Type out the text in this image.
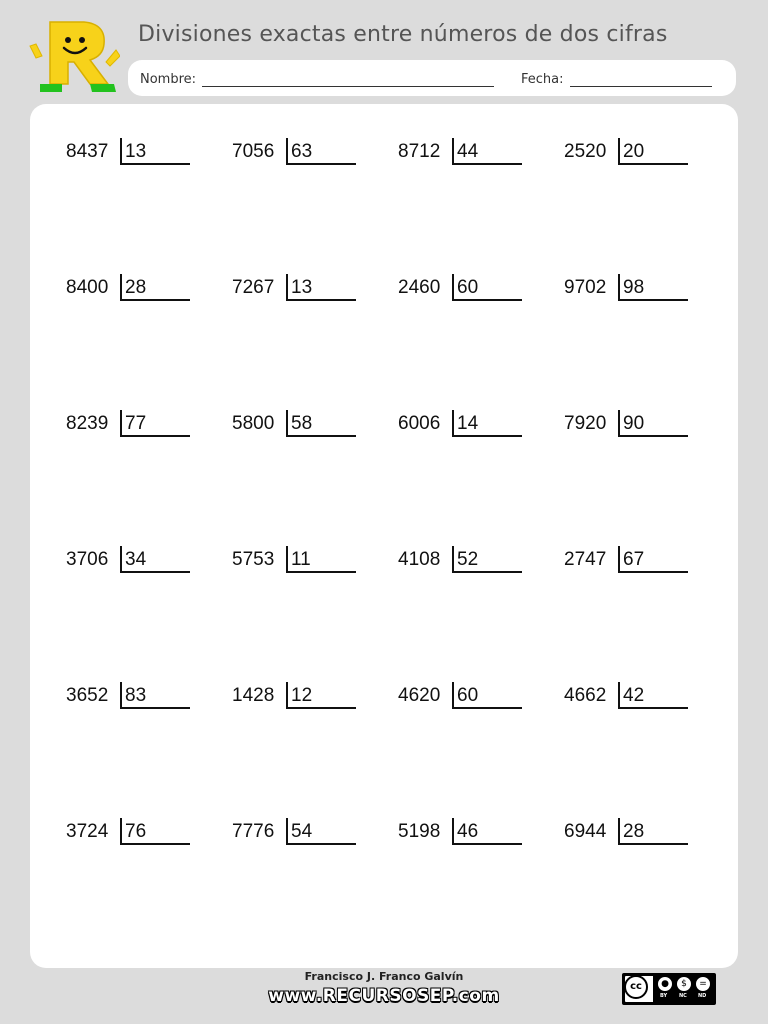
Divisiones exactas entre números de dos cifras
Nombre:	Fecha:
8437 13	7056 63	8712 44	2520 20
8400 28	7267 13	2460 60	9702 98
8239 77	5800 58	6006 14	7920 90
3706 34	5753 11	4108 52	2747 67
3652 83	1428 12	4620 60	4662 42
3724 76	7776 54	5198 46	6944 28
Francisco J. Franco Galvín
www.RECURSOSEP.com	cc	●	$	=
BY NC ND
